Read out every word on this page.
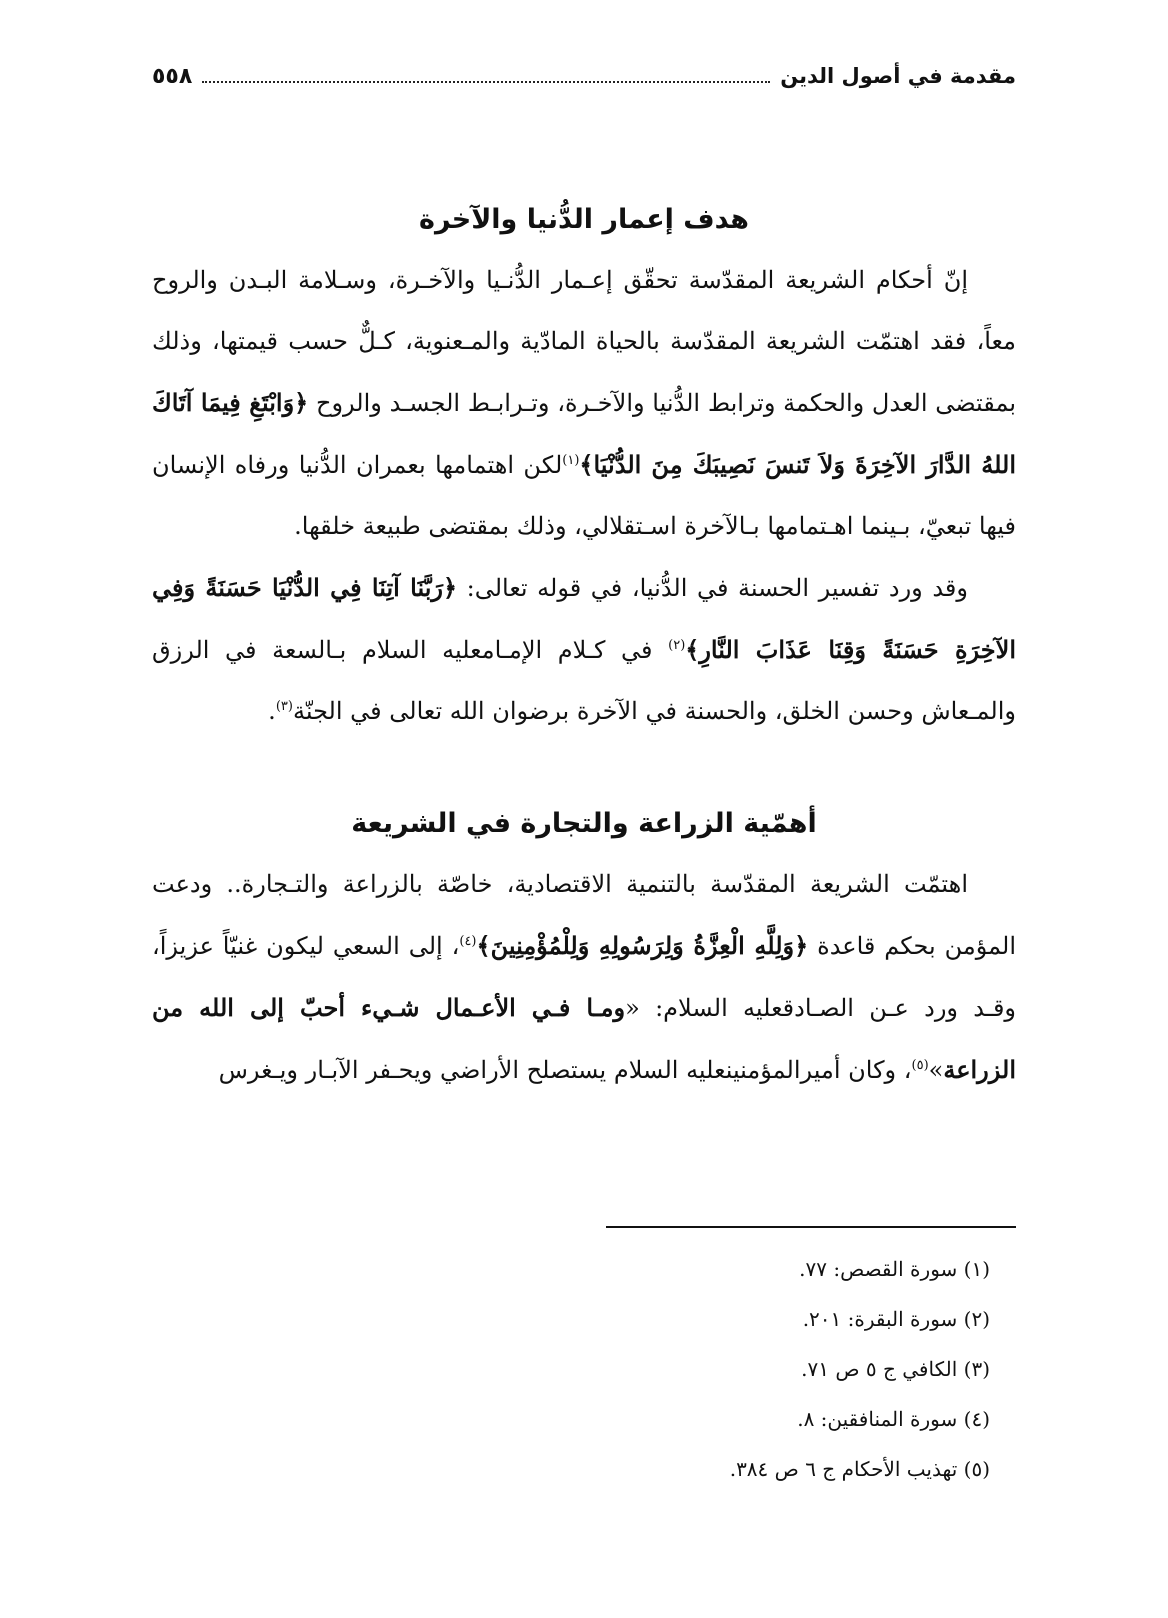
مقدمة في أصول الدين
٥٥٨
هدف إعمار الدُّنيا والآخرة

إنّ أحكام الشريعة المقدّسة تحقّق إعـمار الدُّنـيا والآخـرة، وسـلامة البـدن والروح معاً، فقد اهتمّت الشريعة المقدّسة بالحياة المادّية والمـعنوية، كـلٌّ حسب قيمتها، وذلك بمقتضى العدل والحكمة وترابط الدُّنيا والآخـرة، وتـرابـط الجسـد والروح ﴿وَابْتَغِ فِيمَا آتَاكَ اللهُ الدَّارَ الآخِرَةَ وَلاَ تَنسَ نَصِيبَكَ مِنَ الدُّنْيَا﴾$^{(١)}$لكن اهتمامها بعمران الدُّنيا ورفاه الإنسان فيها تبعيّ، بـينما اهـتمامها بـالآخرة اسـتقلالي، وذلك بمقتضى طبيعة خلقها.

وقد ورد تفسير الحسنة في الدُّنيا، في قوله تعالى: ﴿رَبَّنَا آتِنَا فِي الدُّنْيَا حَسَنَةً وَفِي الآخِرَةِ حَسَنَةً وَقِنَا عَذَابَ النَّارِ﴾$^{(٢)}$ في كـلام الإمـامعليه السلام بـالسعة في الرزق والمـعاش وحسن الخلق، والحسنة في الآخرة برضوان الله تعالى في الجنّة$^{(٣)}$.

أهمّية الزراعة والتجارة في الشريعة

اهتمّت الشريعة المقدّسة بالتنمية الاقتصادية، خاصّة بالزراعة والتـجارة.. ودعت المؤمن بحكم قاعدة ﴿وَلِلَّهِ الْعِزَّةُ وَلِرَسُولِهِ وَلِلْمُؤْمِنِينَ﴾$^{(٤)}$، إلى السعي ليكون غنيّاً عزيزاً، وقـد ورد عـن الصـادقعليه السلام: «ومـا فـي الأعـمال شـيء أحبّ إلى الله من الزراعة»$^{(٥)}$، وكان أميرالمؤمنينعليه السلام يستصلح الأراضي ويحـفر الآبـار ويـغرس

(١) سورة القصص: ٧٧.
(٢) سورة البقرة: ٢٠١.
(٣) الكافي ج ٥ ص ٧١.
(٤) سورة المنافقين: ٨.
(٥) تهذيب الأحكام ج ٦ ص ٣٨٤.
